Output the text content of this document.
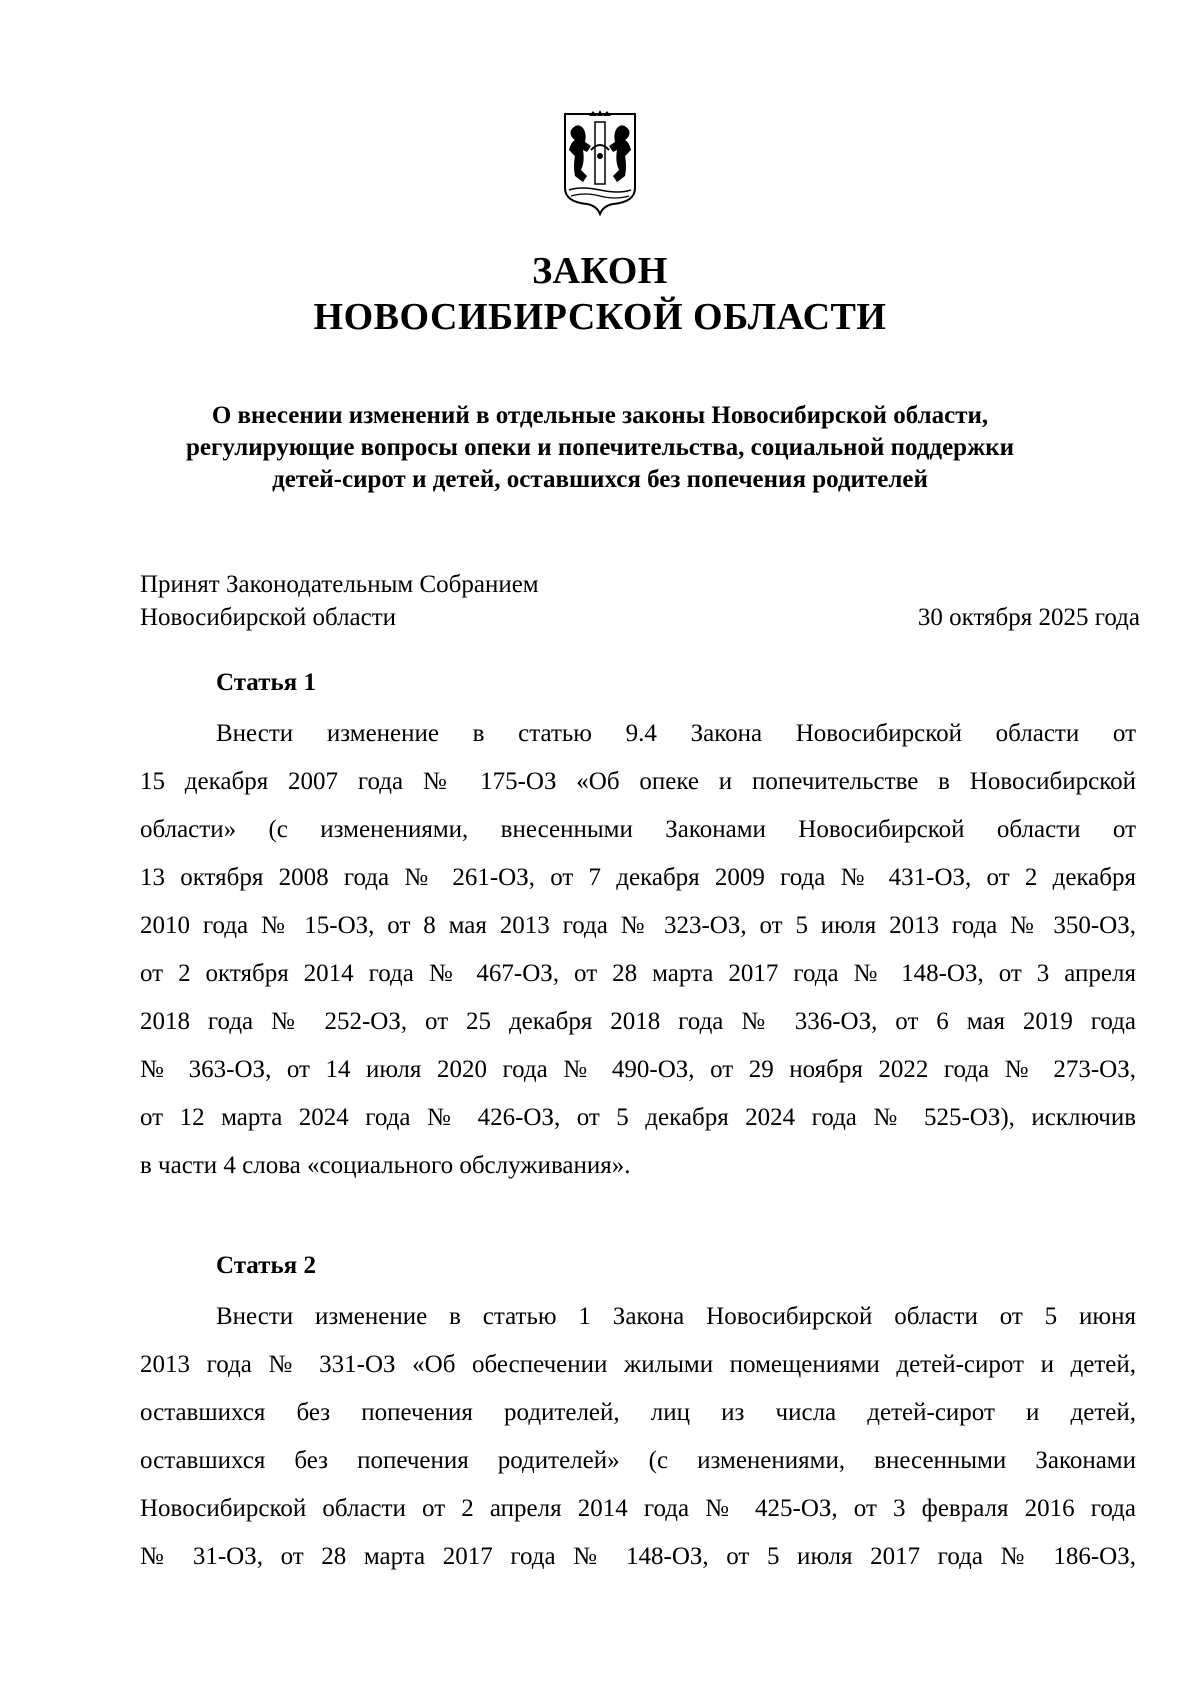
ЗАКОН
НОВОСИБИРСКОЙ ОБЛАСТИ
О внесении изменений в отдельные законы Новосибирской области,
регулирующие вопросы опеки и попечительства, социальной поддержки
детей-сирот и детей, оставшихся без попечения родителей
Принят Законодательным Собранием
Новосибирской области	30 октября 2025 года
Статья 1
Внести изменение в статью 9.4 Закона Новосибирской области от
15 декабря 2007 года № 175-ОЗ «Об опеке и попечительстве в Новосибирской
области» (с изменениями, внесенными Законами Новосибирской области от
13 октября 2008 года № 261-ОЗ, от 7 декабря 2009 года № 431-ОЗ, от 2 декабря
2010 года № 15-ОЗ, от 8 мая 2013 года № 323-ОЗ, от 5 июля 2013 года № 350-ОЗ,
от 2 октября 2014 года № 467-ОЗ, от 28 марта 2017 года № 148-ОЗ, от 3 апреля
2018 года № 252-ОЗ, от 25 декабря 2018 года № 336-ОЗ, от 6 мая 2019 года
№ 363-ОЗ, от 14 июля 2020 года № 490-ОЗ, от 29 ноября 2022 года № 273-ОЗ,
от 12 марта 2024 года № 426-ОЗ, от 5 декабря 2024 года № 525-ОЗ), исключив
в части 4 слова «социального обслуживания».
Статья 2
Внести изменение в статью 1 Закона Новосибирской области от 5 июня
2013 года № 331-ОЗ «Об обеспечении жилыми помещениями детей-сирот и детей,
оставшихся без попечения родителей, лиц из числа детей-сирот и детей,
оставшихся без попечения родителей» (с изменениями, внесенными Законами
Новосибирской области от 2 апреля 2014 года № 425-ОЗ, от 3 февраля 2016 года
№ 31-ОЗ, от 28 марта 2017 года № 148-ОЗ, от 5 июля 2017 года № 186-ОЗ,
